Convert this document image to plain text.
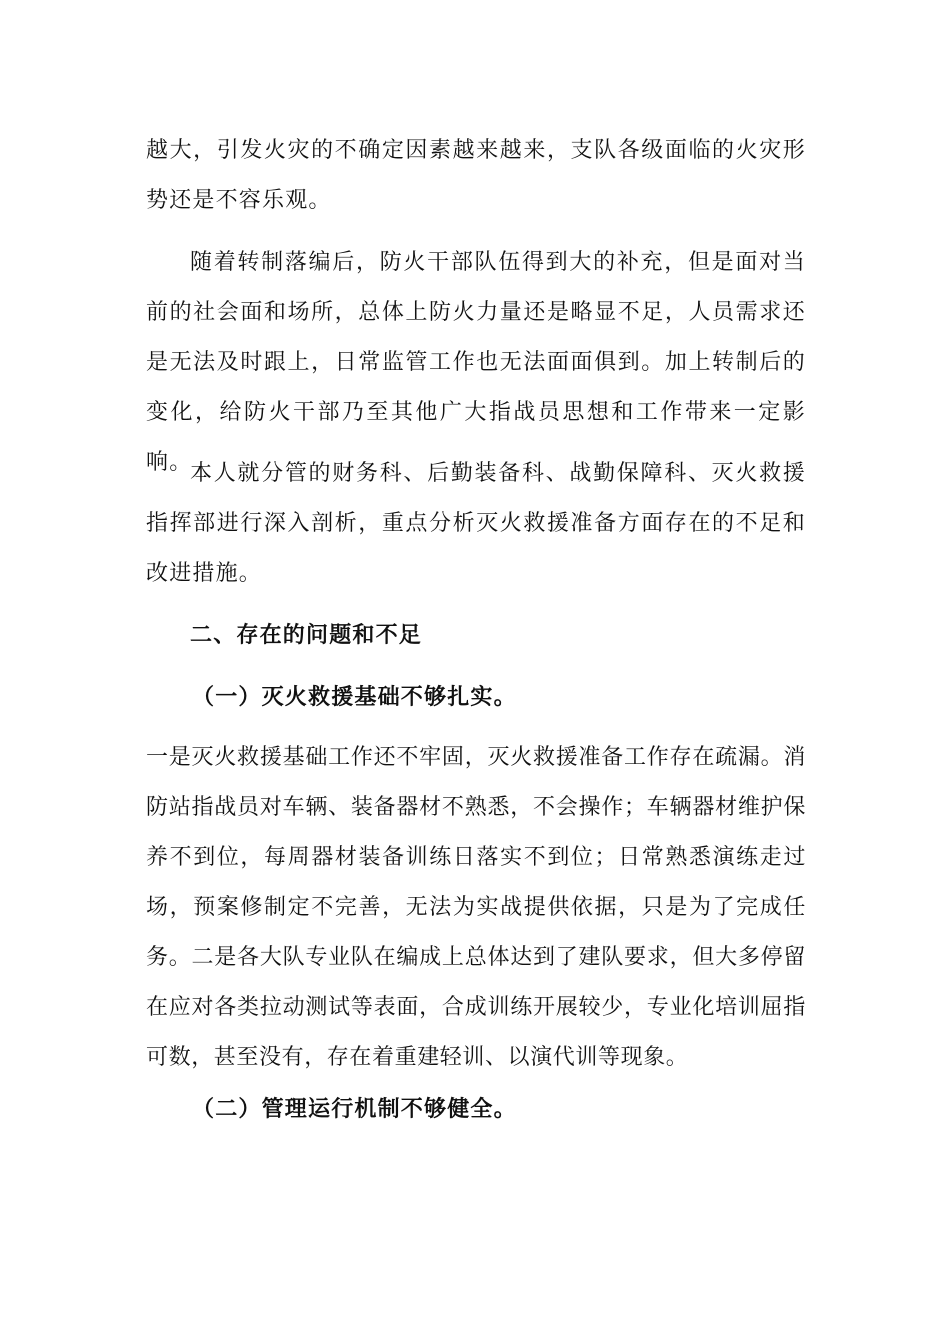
越大，引发火灾的不确定因素越来越来，支队各级面临的火灾形势还是不容乐观。

随着转制落编后，防火干部队伍得到大的补充，但是面对当前的社会面和场所，总体上防火力量还是略显不足，人员需求还是无法及时跟上，日常监管工作也无法面面俱到。加上转制后的变化，给防火干部乃至其他广大指战员思想和工作带来一定影响。

本人就分管的财务科、后勤装备科、战勤保障科、灭火救援指挥部进行深入剖析，重点分析灭火救援准备方面存在的不足和改进措施。

二、存在的问题和不足

（一）灭火救援基础不够扎实。

一是灭火救援基础工作还不牢固，灭火救援准备工作存在疏漏。消防站指战员对车辆、装备器材不熟悉，不会操作；车辆器材维护保养不到位，每周器材装备训练日落实不到位；日常熟悉演练走过场，预案修制定不完善，无法为实战提供依据，只是为了完成任务。二是各大队专业队在编成上总体达到了建队要求，但大多停留在应对各类拉动测试等表面，合成训练开展较少，专业化培训屈指可数，甚至没有，存在着重建轻训、以演代训等现象。

（二）管理运行机制不够健全。
